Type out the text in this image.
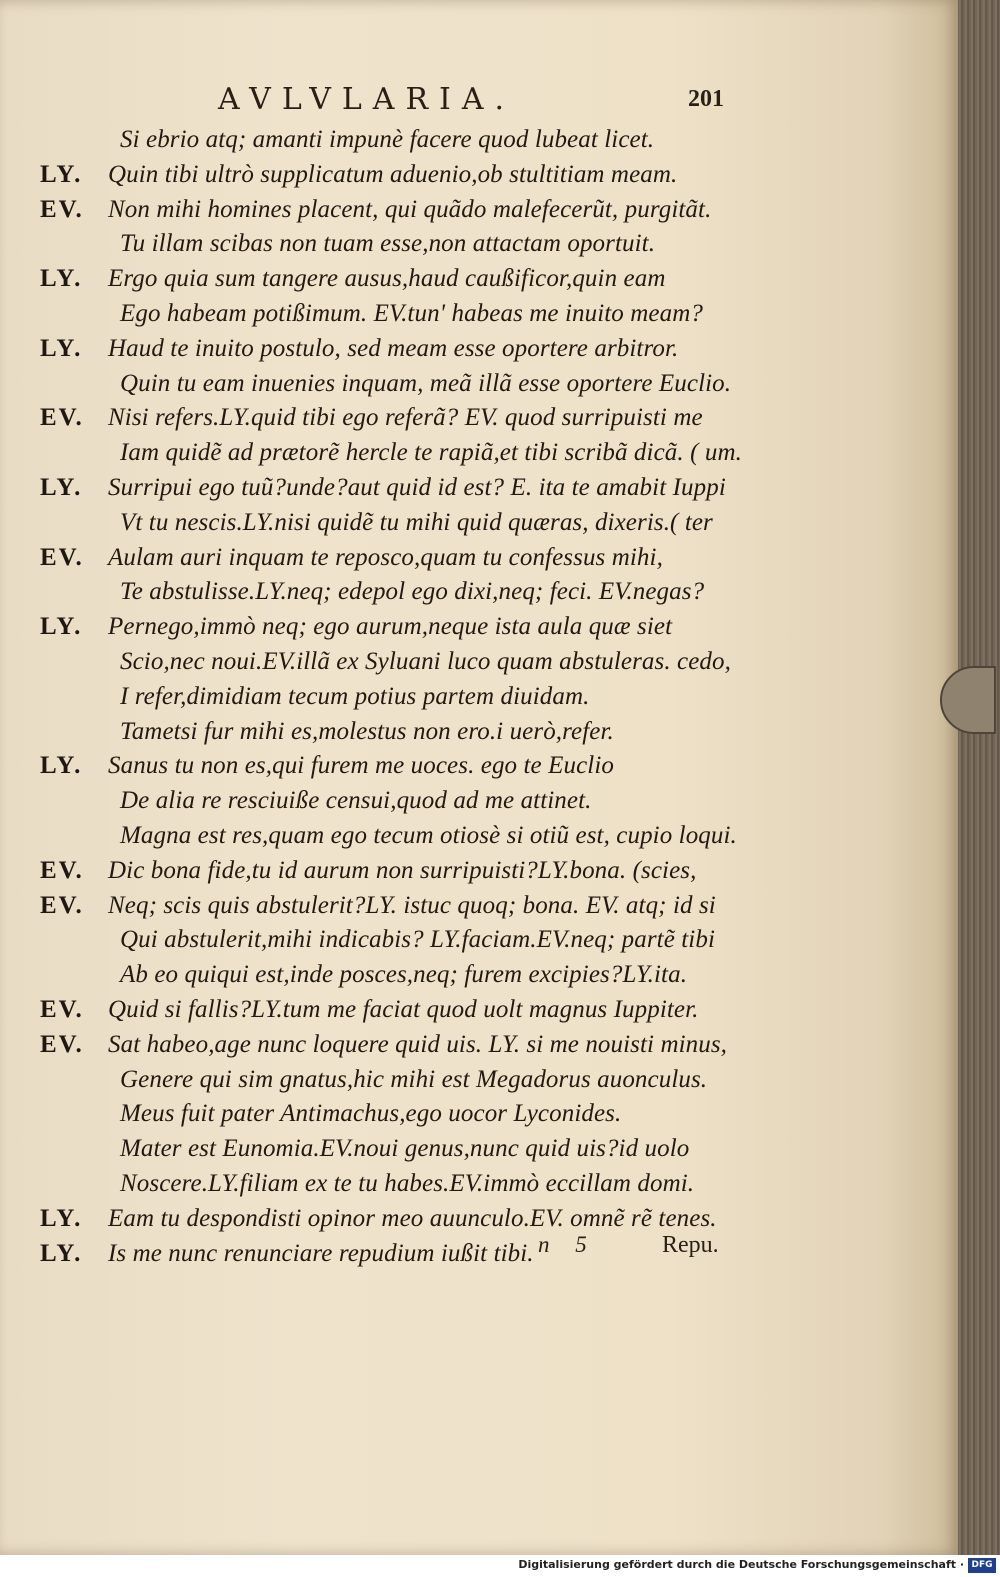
AVLVLARIA.	201
Si ebrio atq; amanti impunè facere quod lubeat licet.
LY.	Quin tibi ultrò supplicatum aduenio,ob stultitiam meam.
EV. Non mihi homines placent, qui quãdo malefecerũt, purgitãt.
Tu illam scibas non tuam esse,non attactam oportuit.
LY.	Ergo quia sum tangere ausus,haud caußificor,quin eam
Ego habeam potißimum. EV.tun' habeas me inuito meam?
LY.	Haud te inuito postulo, sed meam esse oportere arbitror.
Quin tu eam inuenies inquam, meã illã esse oportere Euclio.
EV. Nisi refers.LY.quid tibi ego referã? EV. quod surripuisti me
Iam quidẽ ad prætorẽ hercle te rapiã,et tibi scribã dicã. ( um.
LY.	Surripui ego tuũ?unde?aut quid id est? E. ita te amabit Iuppi
Vt tu nescis.LY.nisi quidẽ tu mihi quid quæras, dixeris.( ter
EV. Aulam auri inquam te reposco,quam tu confessus mihi,
Te abstulisse.LY.neq; edepol ego dixi,neq; feci. EV.negas?
LY.	Pernego,immò neq; ego aurum,neque ista aula quæ siet
Scio,nec noui.EV.illã ex Syluani luco quam abstuleras. cedo,
I refer,dimidiam tecum potius partem diuidam.
Tametsi fur mihi es,molestus non ero.i uerò,refer.
LY.	Sanus tu non es,qui furem me uoces. ego te Euclio
De alia re resciuiße censui,quod ad me attinet.
Magna est res,quam ego tecum otiosè si otiũ est, cupio loqui.
EV. Dic bona fide,tu id aurum non surripuisti?LY.bona. (scies,
EV. Neq; scis quis abstulerit?LY. istuc quoq; bona. EV. atq; id si
Qui abstulerit,mihi indicabis? LY.faciam.EV.neq; partẽ tibi
Ab eo quiqui est,inde posces,neq; furem excipies?LY.ita.
EV. Quid si fallis?LY.tum me faciat quod uolt magnus Iuppiter.
EV. Sat habeo,age nunc loquere quid uis. LY. si me nouisti minus,
Genere qui sim gnatus,hic mihi est Megadorus auonculus.
Meus fuit pater Antimachus,ego uocor Lyconides.
Mater est Eunomia.EV.noui genus,nunc quid uis?id uolo
Noscere.LY.filiam ex te tu habes.EV.immò eccillam domi.
LY.	Eam tu despondisti opinor meo auunculo.EV. omnẽ rẽ tenes.
LY.	Is me nunc renunciare repudium iußit tibi. n 5	Repu.
Digitalisierung gefördert durch die Deutsche Forschungsgemeinschaft · DFG
